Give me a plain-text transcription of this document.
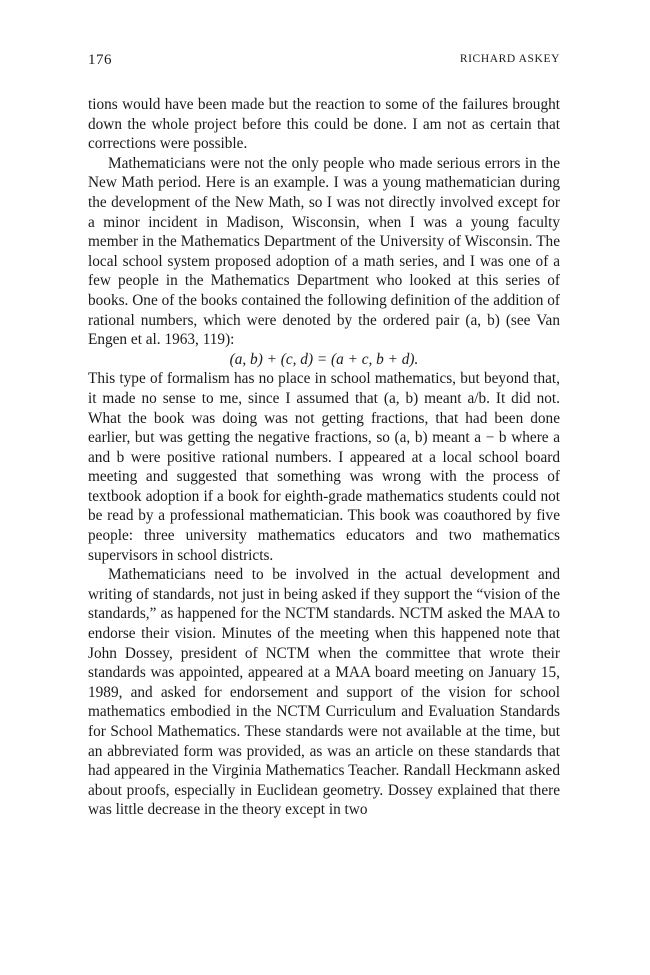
176	RICHARD ASKEY

tions would have been made but the reaction to some of the failures brought down the whole project before this could be done. I am not as certain that corrections were possible.

Mathematicians were not the only people who made serious errors in the New Math period. Here is an example. I was a young mathematician during the development of the New Math, so I was not directly involved except for a minor incident in Madison, Wisconsin, when I was a young faculty member in the Mathematics Department of the University of Wisconsin. The local school system proposed adoption of a math series, and I was one of a few people in the Mathematics Department who looked at this series of books. One of the books contained the following definition of the addition of rational numbers, which were denoted by the ordered pair (a, b) (see Van Engen et al. 1963, 119):

(a, b) + (c, d) = (a + c, b + d).

This type of formalism has no place in school mathematics, but beyond that, it made no sense to me, since I assumed that (a, b) meant a/b. It did not. What the book was doing was not getting fractions, that had been done earlier, but was getting the negative fractions, so (a, b) meant a − b where a and b were positive rational numbers. I appeared at a local school board meeting and suggested that something was wrong with the process of textbook adoption if a book for eighth-grade mathematics students could not be read by a professional mathematician. This book was coauthored by five people: three university mathematics educators and two mathematics supervisors in school districts.

Mathematicians need to be involved in the actual development and writing of standards, not just in being asked if they support the “vision of the standards,” as happened for the NCTM standards. NCTM asked the MAA to endorse their vision. Minutes of the meeting when this happened note that John Dossey, president of NCTM when the committee that wrote their standards was appointed, appeared at a MAA board meeting on January 15, 1989, and asked for endorsement and support of the vision for school mathematics embodied in the NCTM Curriculum and Evaluation Standards for School Mathematics. These standards were not available at the time, but an abbreviated form was provided, as was an article on these standards that had appeared in the Virginia Mathematics Teacher. Randall Heckmann asked about proofs, especially in Euclidean geometry. Dossey explained that there was little decrease in the theory except in two
